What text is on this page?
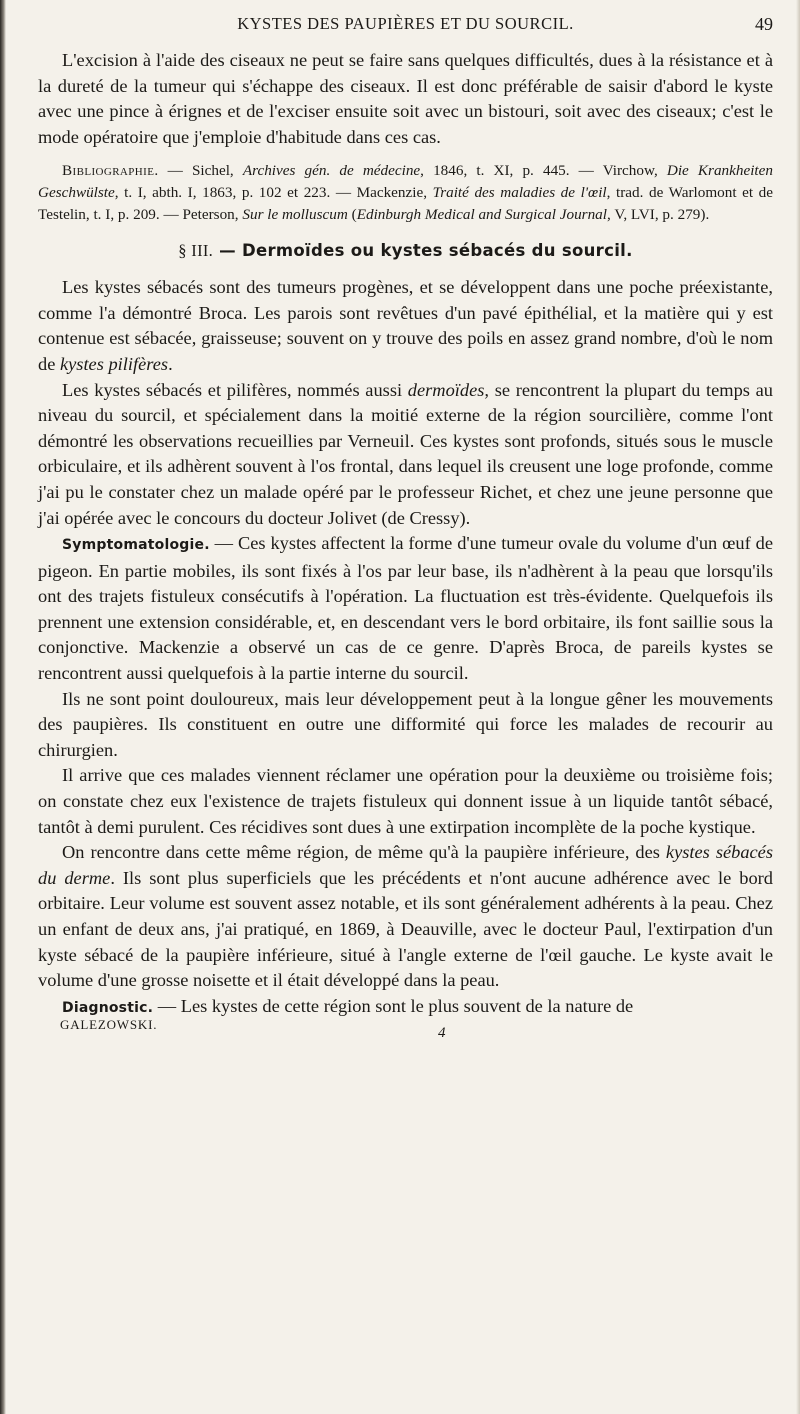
KYSTES DES PAUPIÈRES ET DU SOURCIL.	49

L'excision à l'aide des ciseaux ne peut se faire sans quelques difficultés, dues à la résistance et à la dureté de la tumeur qui s'échappe des ciseaux. Il est donc préférable de saisir d'abord le kyste avec une pince à érignes et de l'exciser ensuite soit avec un bistouri, soit avec des ciseaux; c'est le mode opératoire que j'emploie d'habitude dans ces cas.

Bibliographie. — Sichel, Archives gén. de médecine, 1846, t. XI, p. 445. — Virchow, Die Krankheiten Geschwülste, t. I, abth. I, 1863, p. 102 et 223. — Mackenzie, Traité des maladies de l'œil, trad. de Warlomont et de Testelin, t. I, p. 209. — Peterson, Sur le molluscum (Edinburgh Medical and Surgical Journal, V, LVI, p. 279).

§ III. — Dermoïdes ou kystes sébacés du sourcil.

Les kystes sébacés sont des tumeurs progènes, et se développent dans une poche préexistante, comme l'a démontré Broca. Les parois sont revêtues d'un pavé épithélial, et la matière qui y est contenue est sébacée, graisseuse; souvent on y trouve des poils en assez grand nombre, d'où le nom de kystes pilifères.

Les kystes sébacés et pilifères, nommés aussi dermoïdes, se rencontrent la plupart du temps au niveau du sourcil, et spécialement dans la moitié externe de la région sourcilière, comme l'ont démontré les observations recueillies par Verneuil. Ces kystes sont profonds, situés sous le muscle orbiculaire, et ils adhèrent souvent à l'os frontal, dans lequel ils creusent une loge profonde, comme j'ai pu le constater chez un malade opéré par le professeur Richet, et chez une jeune personne que j'ai opérée avec le concours du docteur Jolivet (de Cressy).

Symptomatologie. — Ces kystes affectent la forme d'une tumeur ovale du volume d'un œuf de pigeon. En partie mobiles, ils sont fixés à l'os par leur base, ils n'adhèrent à la peau que lorsqu'ils ont des trajets fistuleux consécutifs à l'opération. La fluctuation est très-évidente. Quelquefois ils prennent une extension considérable, et, en descendant vers le bord orbitaire, ils font saillie sous la conjonctive. Mackenzie a observé un cas de ce genre. D'après Broca, de pareils kystes se rencontrent aussi quelquefois à la partie interne du sourcil.

Ils ne sont point douloureux, mais leur développement peut à la longue gêner les mouvements des paupières. Ils constituent en outre une difformité qui force les malades de recourir au chirurgien.

Il arrive que ces malades viennent réclamer une opération pour la deuxième ou troisième fois; on constate chez eux l'existence de trajets fistuleux qui donnent issue à un liquide tantôt sébacé, tantôt à demi purulent. Ces récidives sont dues à une extirpation incomplète de la poche kystique.

On rencontre dans cette même région, de même qu'à la paupière inférieure, des kystes sébacés du derme. Ils sont plus superficiels que les précédents et n'ont aucune adhérence avec le bord orbitaire. Leur volume est souvent assez notable, et ils sont généralement adhérents à la peau. Chez un enfant de deux ans, j'ai pratiqué, en 1869, à Deauville, avec le docteur Paul, l'extirpation d'un kyste sébacé de la paupière inférieure, situé à l'angle externe de l'œil gauche. Le kyste avait le volume d'une grosse noisette et il était développé dans la peau.

Diagnostic. — Les kystes de cette région sont le plus souvent de la nature de

GALEZOWSKI.
4
